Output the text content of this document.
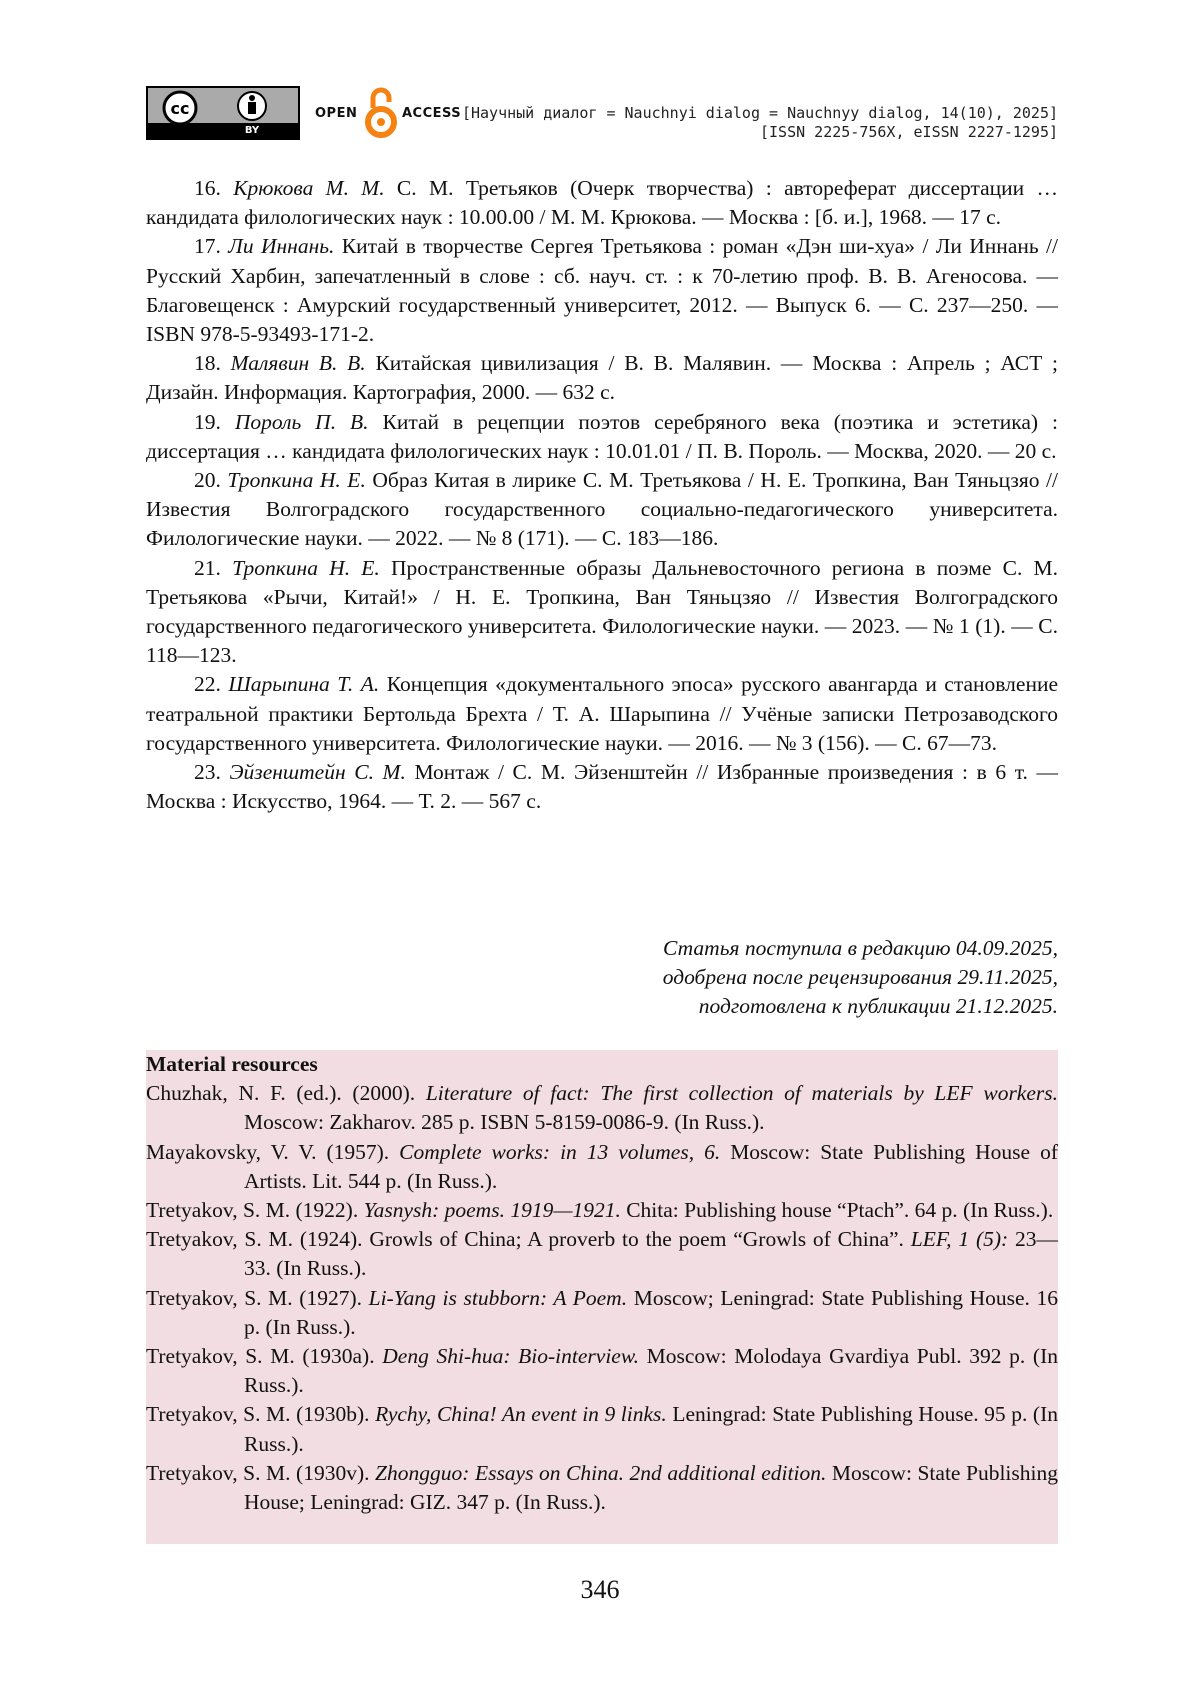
cc
BY
OPEN	ACCESS [Научный диалог = Nauchnyi dialog = Nauchnyy dialog, 14(10), 2025]
[ISSN 2225-756X, eISSN 2227-1295]

16. Крюкова М. М. С. М. Третьяков (Очерк творчества) : автореферат диссертации … кандидата филологических наук : 10.00.00 / М. М. Крюкова. — Москва : [б. и.], 1968. — 17 с.

17. Ли Иннань. Китай в творчестве Сергея Третьякова : роман «Дэн ши-хуа» / Ли Иннань // Русский Харбин, запечатленный в слове : сб. науч. ст. : к 70-летию проф. В. В. Агеносова. — Благовещенск : Амурский государственный университет, 2012. — Выпуск 6. — С. 237—250. — ISBN 978-5-93493-171-2.

18. Малявин В. В. Китайская цивилизация / В. В. Малявин. — Москва : Апрель ; АСТ ; Дизайн. Информация. Картография, 2000. — 632 с.

19. Пороль П. В. Китай в рецепции поэтов серебряного века (поэтика и эстетика) : диссертация … кандидата филологических наук : 10.01.01 / П. В. Пороль. — Москва, 2020. — 20 с.

20. Тропкина Н. Е. Образ Китая в лирике С. М. Третьякова / Н. Е. Тропкина, Ван Тяньцзяо // Известия Волгоградского государственного социально-педагогического университета. Филологические науки. — 2022. — № 8 (171). — С. 183—186.

21. Тропкина Н. Е. Пространственные образы Дальневосточного региона в поэме С. М. Третьякова «Рычи, Китай!» / Н. Е. Тропкина, Ван Тяньцзяо // Известия Волгоградского государственного педагогического университета. Филологические науки. — 2023. — № 1 (1). — С. 118—123.

22. Шарыпина Т. А. Концепция «документального эпоса» русского авангарда и становление театральной практики Бертольда Брехта / Т. А. Шарыпина // Учёные записки Петрозаводского государственного университета. Филологические науки. — 2016. — № 3 (156). — С. 67—73.

23. Эйзенштейн С. М. Монтаж / С. М. Эйзенштейн // Избранные произведения : в 6 т. — Москва : Искусство, 1964. — Т. 2. — 567 с.

Статья поступила в редакцию 04.09.2025,
одобрена после рецензирования 29.11.2025,
подготовлена к публикации 21.12.2025.
Material resources

Chuzhak, N. F. (ed.). (2000). Literature of fact: The first collection of materials by LEF workers. Moscow: Zakharov. 285 p. ISBN 5-8159-0086-9. (In Russ.).

Mayakovsky, V. V. (1957). Complete works: in 13 volumes, 6. Moscow: State Publishing House of Artists. Lit. 544 p. (In Russ.).

Tretyakov, S. M. (1922). Yasnysh: poems. 1919—1921. Chita: Publishing house “Ptach”. 64 p. (In Russ.).

Tretyakov, S. M. (1924). Growls of China; A proverb to the poem “Growls of China”. LEF, 1 (5): 23—33. (In Russ.).

Tretyakov, S. M. (1927). Li-Yang is stubborn: A Poem. Moscow; Leningrad: State Publishing House. 16 p. (In Russ.).

Tretyakov, S. M. (1930a). Deng Shi-hua: Bio-interview. Moscow: Molodaya Gvardiya Publ. 392 p. (In Russ.).

Tretyakov, S. M. (1930b). Rychy, China! An event in 9 links. Leningrad: State Publishing House. 95 p. (In Russ.).

Tretyakov, S. M. (1930v). Zhongguo: Essays on China. 2nd additional edition. Moscow: State Publishing House; Leningrad: GIZ. 347 p. (In Russ.).

346
